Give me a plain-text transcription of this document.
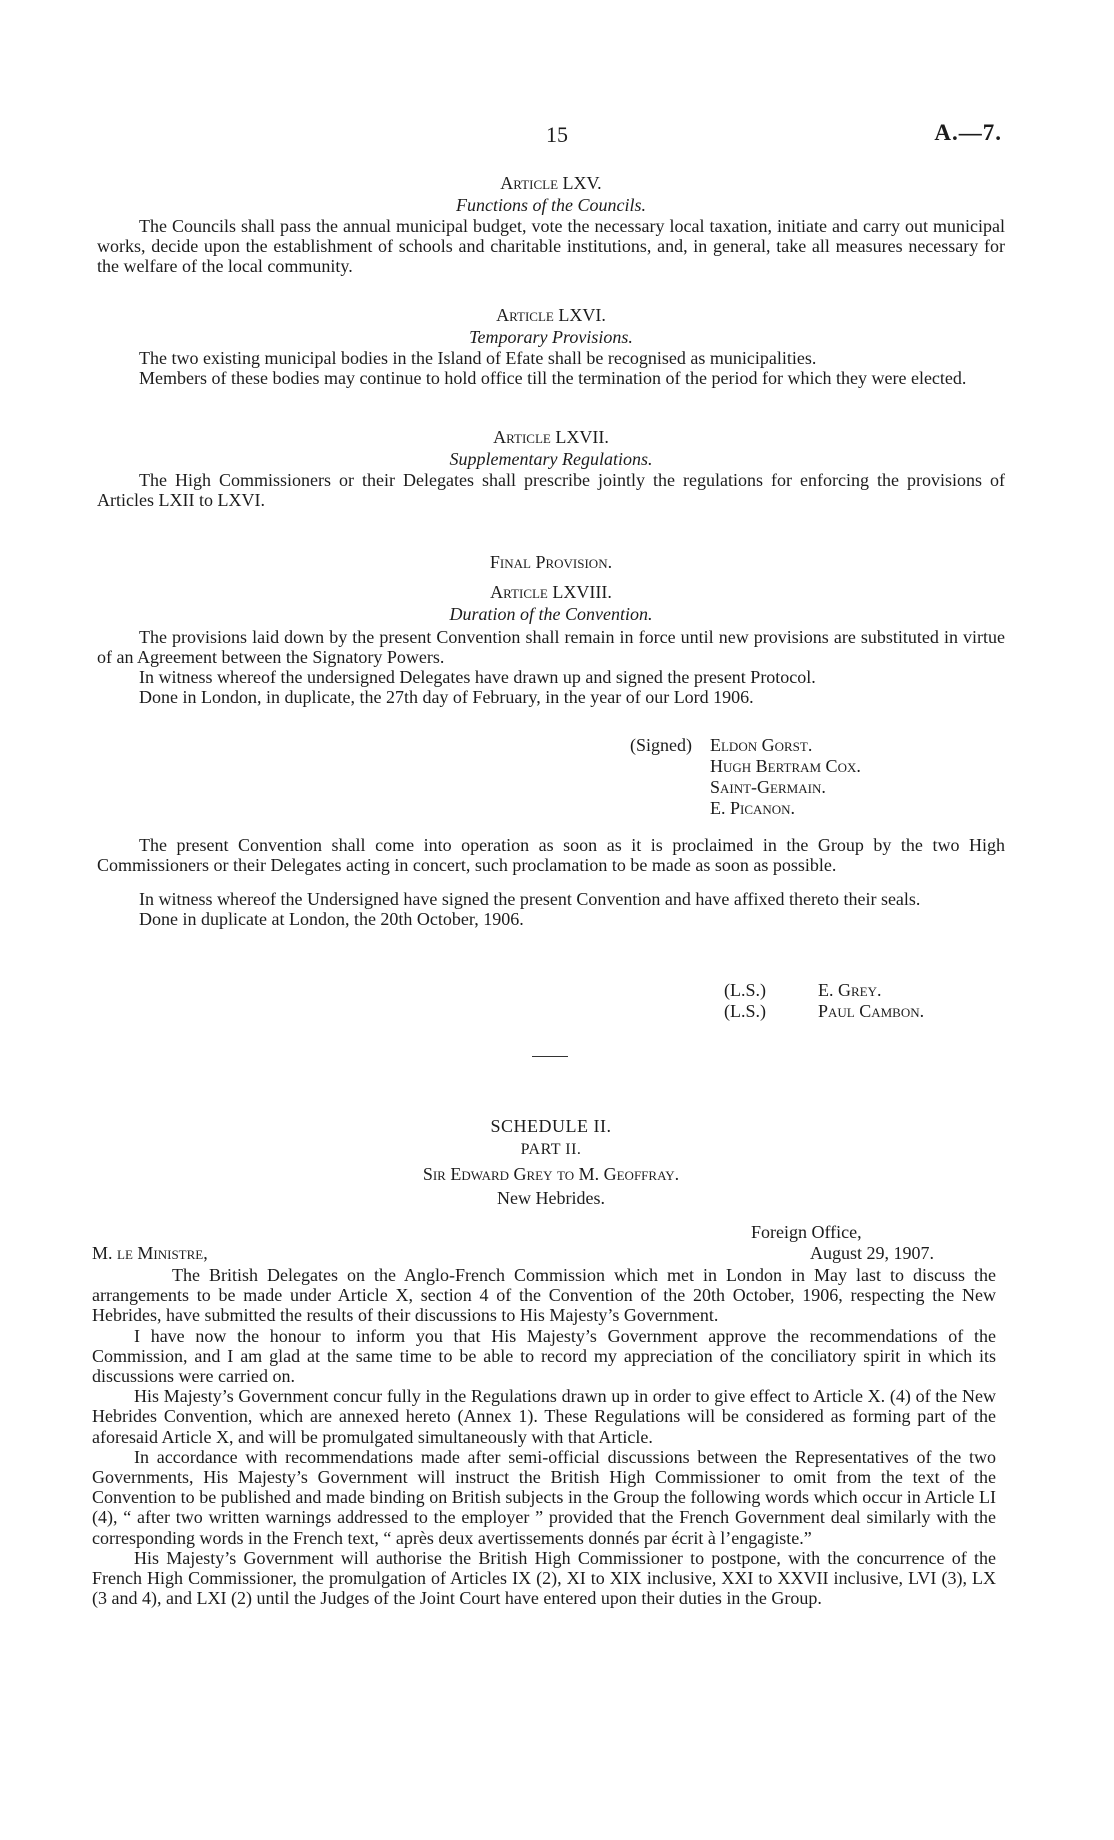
15	A.—7.
Article LXV.
Functions of the Councils.

The Councils shall pass the annual municipal budget, vote the necessary local taxation, initiate and carry out municipal works, decide upon the establishment of schools and charitable institutions, and, in general, take all measures necessary for the welfare of the local community.

Article LXVI.
Temporary Provisions.

The two existing municipal bodies in the Island of Efate shall be recognised as municipalities.

Members of these bodies may continue to hold office till the termination of the period for which they were elected.

Article LXVII.
Supplementary Regulations.

The High Commissioners or their Delegates shall prescribe jointly the regulations for enforcing the provisions of Articles LXII to LXVI.

Final Provision.
Article LXVIII.
Duration of the Convention.

The provisions laid down by the present Convention shall remain in force until new provisions are substituted in virtue of an Agreement between the Signatory Powers.

In witness whereof the undersigned Delegates have drawn up and signed the present Protocol.

Done in London, in duplicate, the 27th day of February, in the year of our Lord 1906.

(Signed) Eldon Gorst.
Hugh Bertram Cox.
Saint-Germain.
E. Picanon.

The present Convention shall come into operation as soon as it is proclaimed in the Group by the two High Commissioners or their Delegates acting in concert, such proclamation to be made as soon as possible.

In witness whereof the Undersigned have signed the present Convention and have affixed thereto their seals.

Done in duplicate at London, the 20th October, 1906.

(L.S.)	E. Grey.
(L.S.)	Paul Cambon.
SCHEDULE II.
PART II.
Sir Edward Grey to M. Geoffray.
New Hebrides.
Foreign Office,
August 29, 1907.
M. le Ministre,

The British Delegates on the Anglo-French Commission which met in London in May last to discuss the arrangements to be made under Article X, section 4 of the Convention of the 20th October, 1906, respecting the New Hebrides, have submitted the results of their discussions to His Majesty’s Government.

I have now the honour to inform you that His Majesty’s Government approve the recommendations of the Commission, and I am glad at the same time to be able to record my appreciation of the conciliatory spirit in which its discussions were carried on.

His Majesty’s Government concur fully in the Regulations drawn up in order to give effect to Article X. (4) of the New Hebrides Convention, which are annexed hereto (Annex 1). These Regulations will be considered as forming part of the aforesaid Article X, and will be promulgated simultaneously with that Article.

In accordance with recommendations made after semi-official discussions between the Representatives of the two Governments, His Majesty’s Government will instruct the British High Commissioner to omit from the text of the Convention to be published and made binding on British subjects in the Group the following words which occur in Article LI (4), “ after two written warnings addressed to the employer ” provided that the French Government deal similarly with the corresponding words in the French text, “ après deux avertissements donnés par écrit à l’engagiste.”

His Majesty’s Government will authorise the British High Commissioner to postpone, with the concurrence of the French High Commissioner, the promulgation of Articles IX (2), XI to XIX inclusive, XXI to XXVII inclusive, LVI (3), LX (3 and 4), and LXI (2) until the Judges of the Joint Court have entered upon their duties in the Group.
